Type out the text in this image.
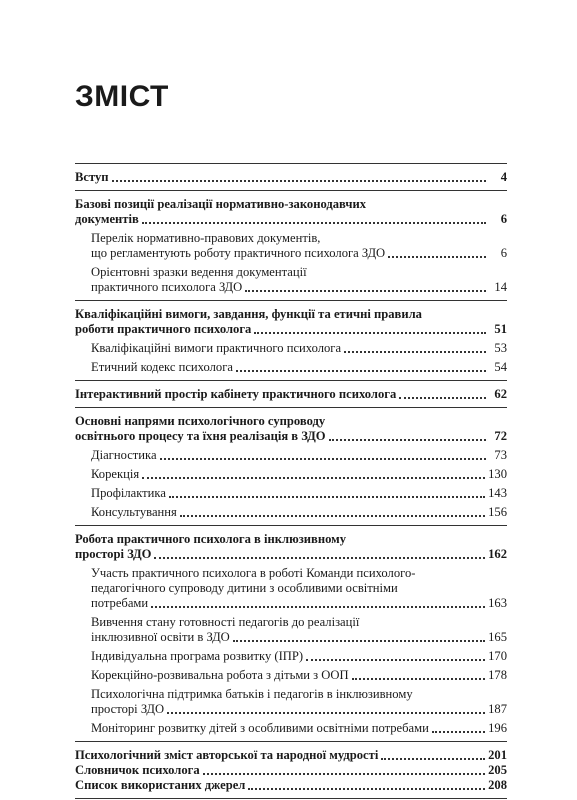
ЗМІСТ
Вступ	4
Базові позиції реалізації нормативно-законодавчих
документів	6
Перелік нормативно-правових документів,
що регламентують роботу практичного психолога ЗДО	6
Орієнтовні зразки ведення документації
практичного психолога ЗДО	14
Кваліфікаційні вимоги, завдання, функції та етичні правила
роботи практичного психолога	51
Кваліфікаційні вимоги практичного психолога	53
Етичний кодекс психолога	54
Інтерактивний простір кабінету практичного психолога	62
Основні напрями психологічного супроводу
освітнього процесу та їхня реалізація в ЗДО	72
Діагностика	73
Корекція	130
Профілактика	143
Консультування	156
Робота практичного психолога в інклюзивному
просторі ЗДО	162
Участь практичного психолога в роботі Команди психолого-
педагогічного супроводу дитини з особливими освітніми
потребами	163
Вивчення стану готовності педагогів до реалізації
інклюзивної освіти в ЗДО	165
Індивідуальна програма розвитку (ІПР)	170
Корекційно-розвивальна робота з дітьми з ООП	178
Психологічна підтримка батьків і педагогів в інклюзивному
просторі ЗДО	187
Моніторинг розвитку дітей з особливими освітніми потребами	196
Психологічний зміст авторської та народної мудрості	201
Словничок психолога	205
Список використаних джерел	208
